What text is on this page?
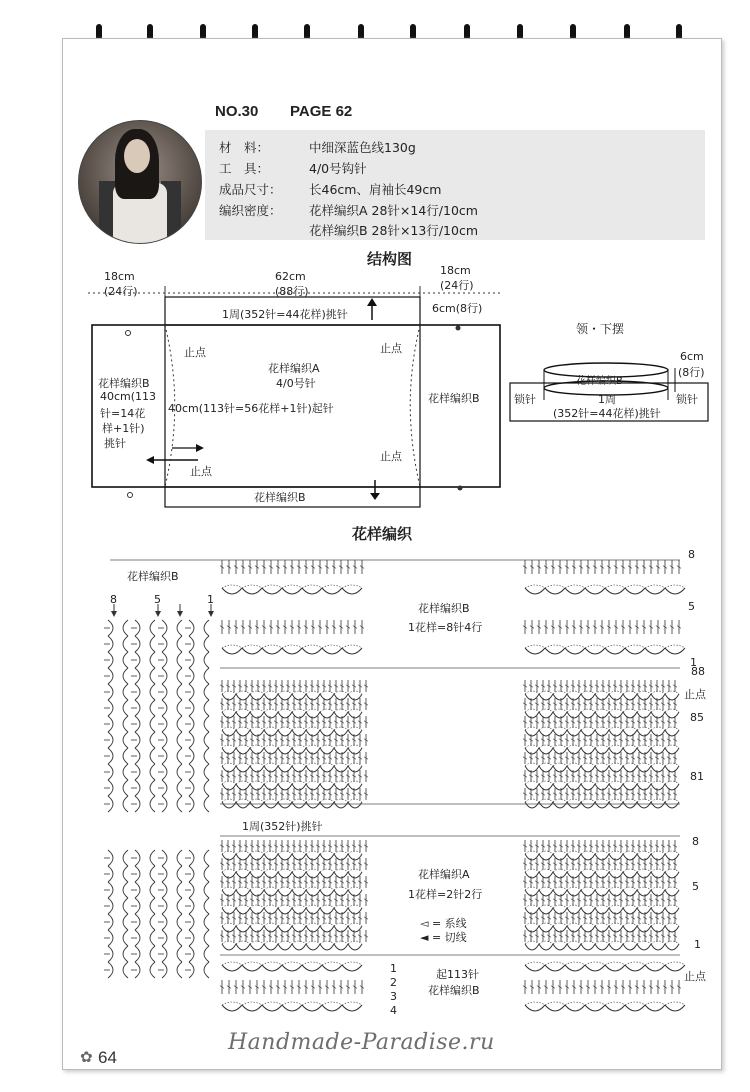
NO.30 PAGE 62
材　料：	中细深蓝色线130g
工　具：	4/0号钩针
成品尺寸： 长46cm、肩袖长49cm
编织密度： 花样编织A 28针×14行/10cm
花样编织B 28针×13行/10cm
结构图
18cm
(24行)
62cm
(88行)
18cm
(24行)
1周(352针=44花样)挑针	6cm(8行)
止点	止点
花样编织A
4/0号针
40cm(113针=56花样+1针)起针
花样编织B
40cm(113
针=14花
样+1针)
挑针
花样编织B
止点
止点
花样编织B
领・下摆
6cm
(8行)
花样编织B
1周
(352针=44花样)挑针
锁针	锁针
花样编织
花样编织B
8	5	1
花样编织B
1花样=8针4行
8
5
1
88
85
81
止点
1周(352针)挑针
花样编织A
1花样=2针2行
◅ = 系线
◄ = 切线
8
5
1
止点
1
2
3
4
起113针
花样编织B
✿ 64
Handmade-Paradise.ru
